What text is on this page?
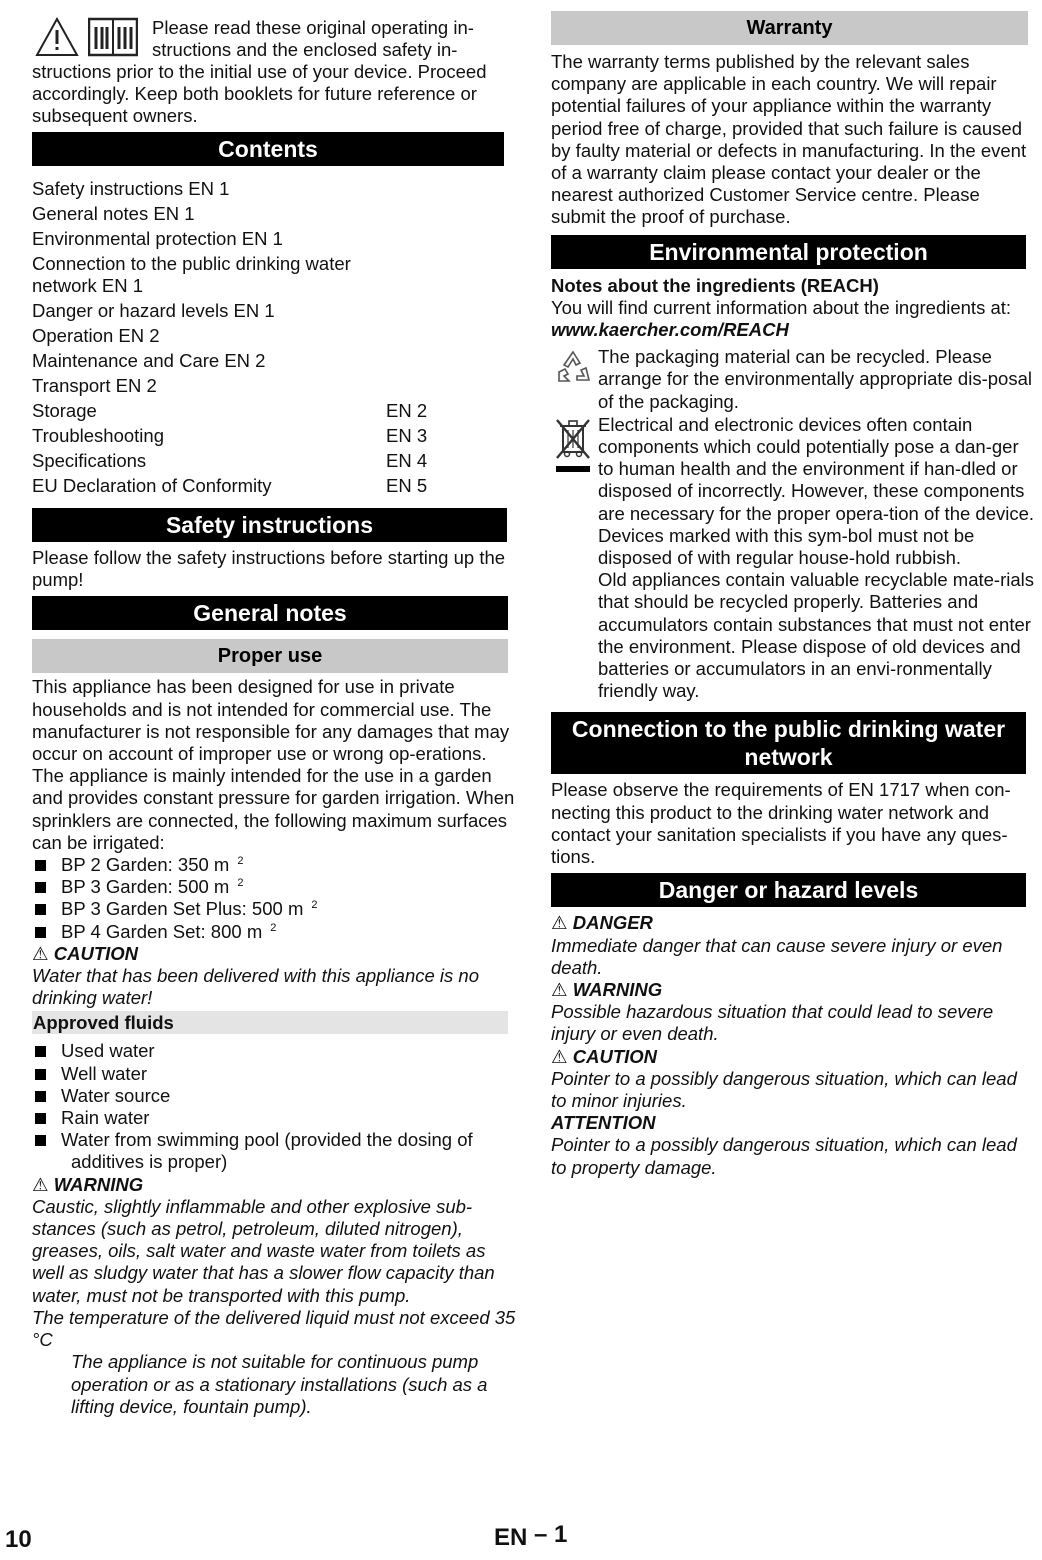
Please read these original operating in-

structions and the enclosed safety in-

structions prior to the initial use of your device. Proceed accordingly. Keep both booklets for future reference or subsequent owners.

Contents
Safety instructions EN 1
General notes EN 1
Environmental protection EN 1
Connection to the public drinking water network EN 1
Danger or hazard levels EN 1
Operation EN 2
Maintenance and Care EN 2
Transport EN 2
Storage	EN 2
Troubleshooting	EN 3
Specifications	EN 4
EU Declaration of Conformity	EN 5
Safety instructions

Please follow the safety instructions before starting up the pump!

General notes
Proper use

This appliance has been designed for use in private households and is not intended for commercial use. The manufacturer is not responsible for any damages that may occur on account of improper use or wrong op-erations.

The appliance is mainly intended for the use in a garden and provides constant pressure for garden irrigation. When sprinklers are connected, the following maximum surfaces can be irrigated:

BP 2 Garden: 350 m $^2$
BP 3 Garden: 500 m $^2$
BP 3 Garden Set Plus: 500 m $^2$
BP 4 Garden Set: 800 m $^2$

⚠ CAUTION

Water that has been delivered with this appliance is no drinking water!

Approved fluids
Used water
Well water
Water source
Rain water
Water from swimming pool (provided the dosing of
additives is proper)

⚠ WARNING

Caustic, slightly inflammable and other explosive sub-stances (such as petrol, petroleum, diluted nitrogen), greases, oils, salt water and waste water from toilets as well as sludgy water that has a slower flow capacity than water, must not be transported with this pump.

The temperature of the delivered liquid must not exceed 35 °C

The appliance is not suitable for continuous pump operation or as a stationary installations (such as a lifting device, fountain pump).

Warranty

The warranty terms published by the relevant sales company are applicable in each country. We will repair potential failures of your appliance within the warranty period free of charge, provided that such failure is caused by faulty material or defects in manufacturing. In the event of a warranty claim please contact your dealer or the nearest authorized Customer Service centre. Please submit the proof of purchase.

Environmental protection

Notes about the ingredients (REACH)

You will find current information about the ingredients at:

www.kaercher.com/REACH

The packaging material can be recycled. Please arrange for the environmentally appropriate dis-posal of the packaging.

Electrical and electronic devices often contain components which could potentially pose a dan-ger to human health and the environment if han-dled or disposed of incorrectly. However, these components are necessary for the proper opera-tion of the device. Devices marked with this sym-bol must not be disposed of with regular house-hold rubbish.

Old appliances contain valuable recyclable mate-rials that should be recycled properly. Batteries and accumulators contain substances that must not enter the environment. Please dispose of old devices and batteries or accumulators in an envi-ronmentally friendly way.

Connection to the public drinking water
network

Please observe the requirements of EN 1717 when con-necting this product to the drinking water network and contact your sanitation specialists if you have any ques-tions.

Danger or hazard levels

⚠ DANGER

Immediate danger that can cause severe injury or even death.

⚠ WARNING

Possible hazardous situation that could lead to severe injury or even death.

⚠ CAUTION

Pointer to a possibly dangerous situation, which can lead to minor injuries.

ATTENTION

Pointer to a possibly dangerous situation, which can lead to property damage.

10	EN – 1
